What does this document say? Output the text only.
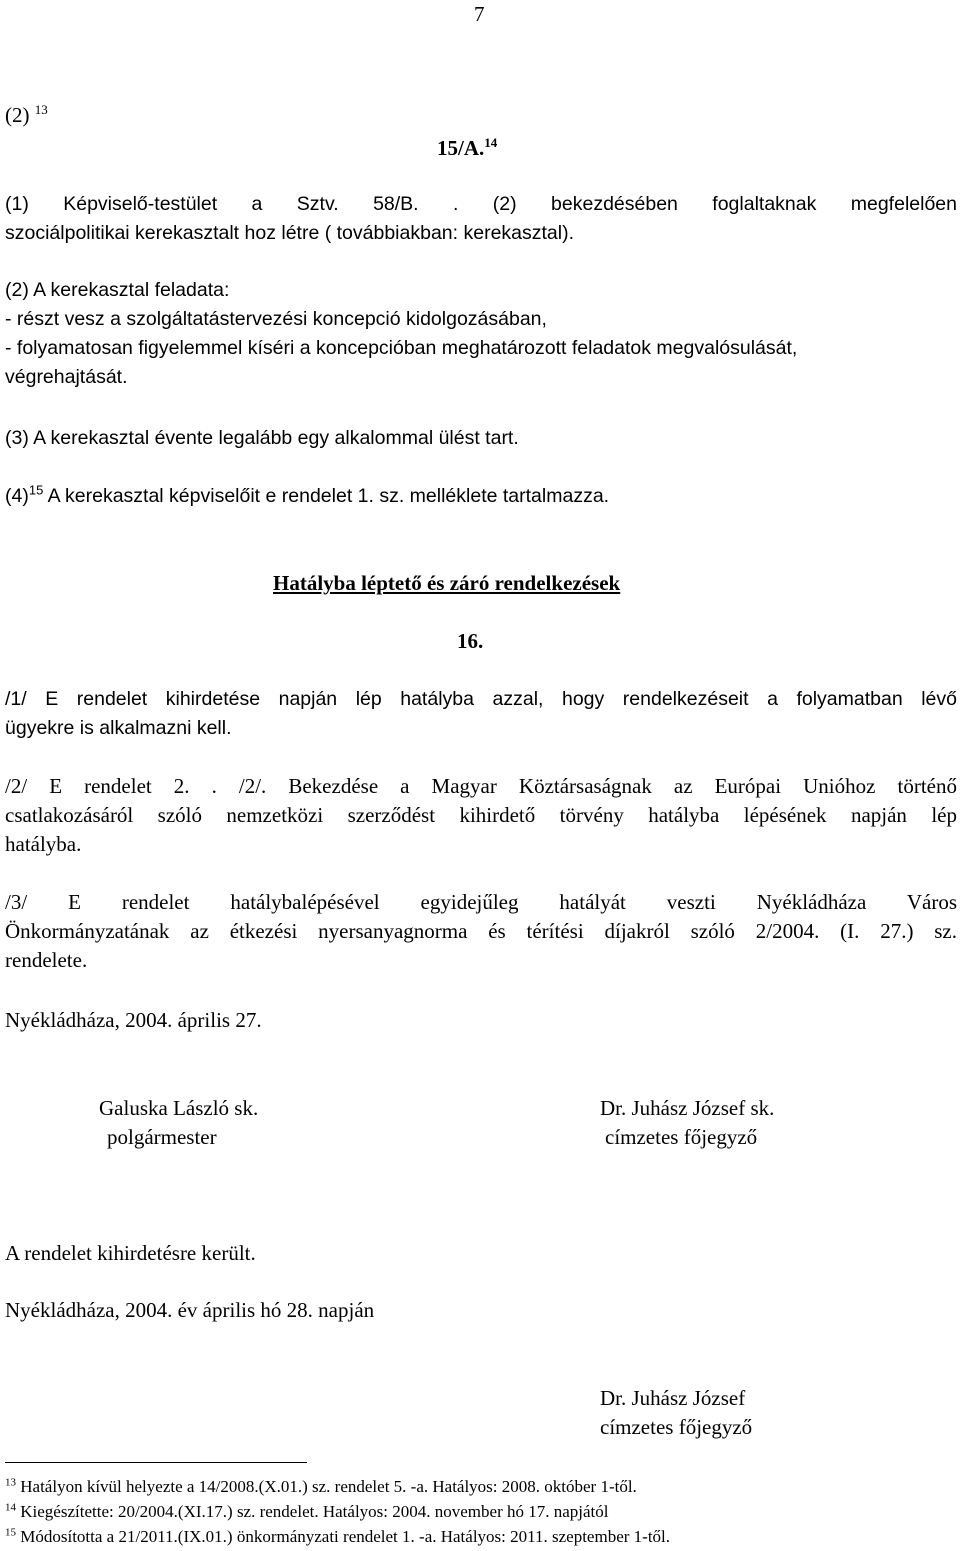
7
(2) $^{13}$
15/A.$^{14}$
(1) Képviselő-testület a Sztv. 58/B. . (2) bekezdésében foglaltaknak megfelelően
szociálpolitikai kerekasztalt hoz létre ( továbbiakban: kerekasztal).
(2) A kerekasztal feladata:
- részt vesz a szolgáltatástervezési koncepció kidolgozásában,
- folyamatosan figyelemmel kíséri a koncepcióban meghatározott feladatok megvalósulását,
végrehajtását.
(3) A kerekasztal évente legalább egy alkalommal ülést tart.
$(4)^{15}$ A kerekasztal képviselőit e rendelet 1. sz. melléklete tartalmazza.
Hatályba léptető és záró rendelkezések
16.
/1/ E rendelet kihirdetése napján lép hatályba azzal, hogy rendelkezéseit a folyamatban lévő
ügyekre is alkalmazni kell.
/2/ E rendelet 2. . /2/. Bekezdése a Magyar Köztársaságnak az Európai Unióhoz történő
csatlakozásáról szóló nemzetközi szerződést kihirdető törvény hatályba lépésének napján lép
hatályba.
/3/ E rendelet hatálybalépésével egyidejűleg hatályát veszti Nyékládháza Város
Önkormányzatának az étkezési nyersanyagnorma és térítési díjakról szóló 2/2004. (I. 27.) sz.
rendelete.
Nyékládháza, 2004. április 27.
Galuska László sk.
polgármester
Dr. Juhász József sk.
címzetes főjegyző
A rendelet kihirdetésre került.
Nyékládháza, 2004. év április hó 28. napján
Dr. Juhász József
címzetes főjegyző
$^{13}$ Hatályon kívül helyezte a 14/2008.(X.01.) sz. rendelet 5. -a. Hatályos: 2008. október 1-től.
$^{14}$ Kiegészítette: 20/2004.(XI.17.) sz. rendelet. Hatályos: 2004. november hó 17. napjától
$^{15}$ Módosította a 21/2011.(IX.01.) önkormányzati rendelet 1. -a. Hatályos: 2011. szeptember 1-től.
